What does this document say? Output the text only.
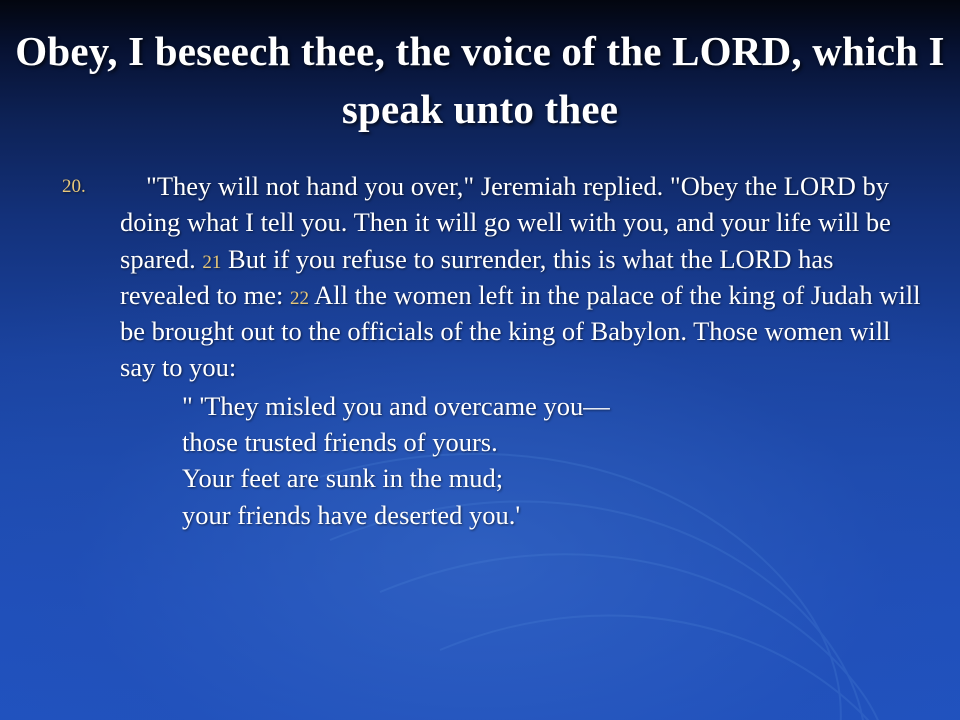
Obey, I beseech thee, the voice of the LORD, which I speak unto thee
20. "They will not hand you over," Jeremiah replied. "Obey the LORD by doing what I tell you. Then it will go well with you, and your life will be spared. 21 But if you refuse to surrender, this is what the LORD has revealed to me: 22 All the women left in the palace of the king of Judah will be brought out to the officials of the king of Babylon. Those women will say to you:
" 'They misled you and overcame you—
those trusted friends of yours.
Your feet are sunk in the mud;
your friends have deserted you.'
